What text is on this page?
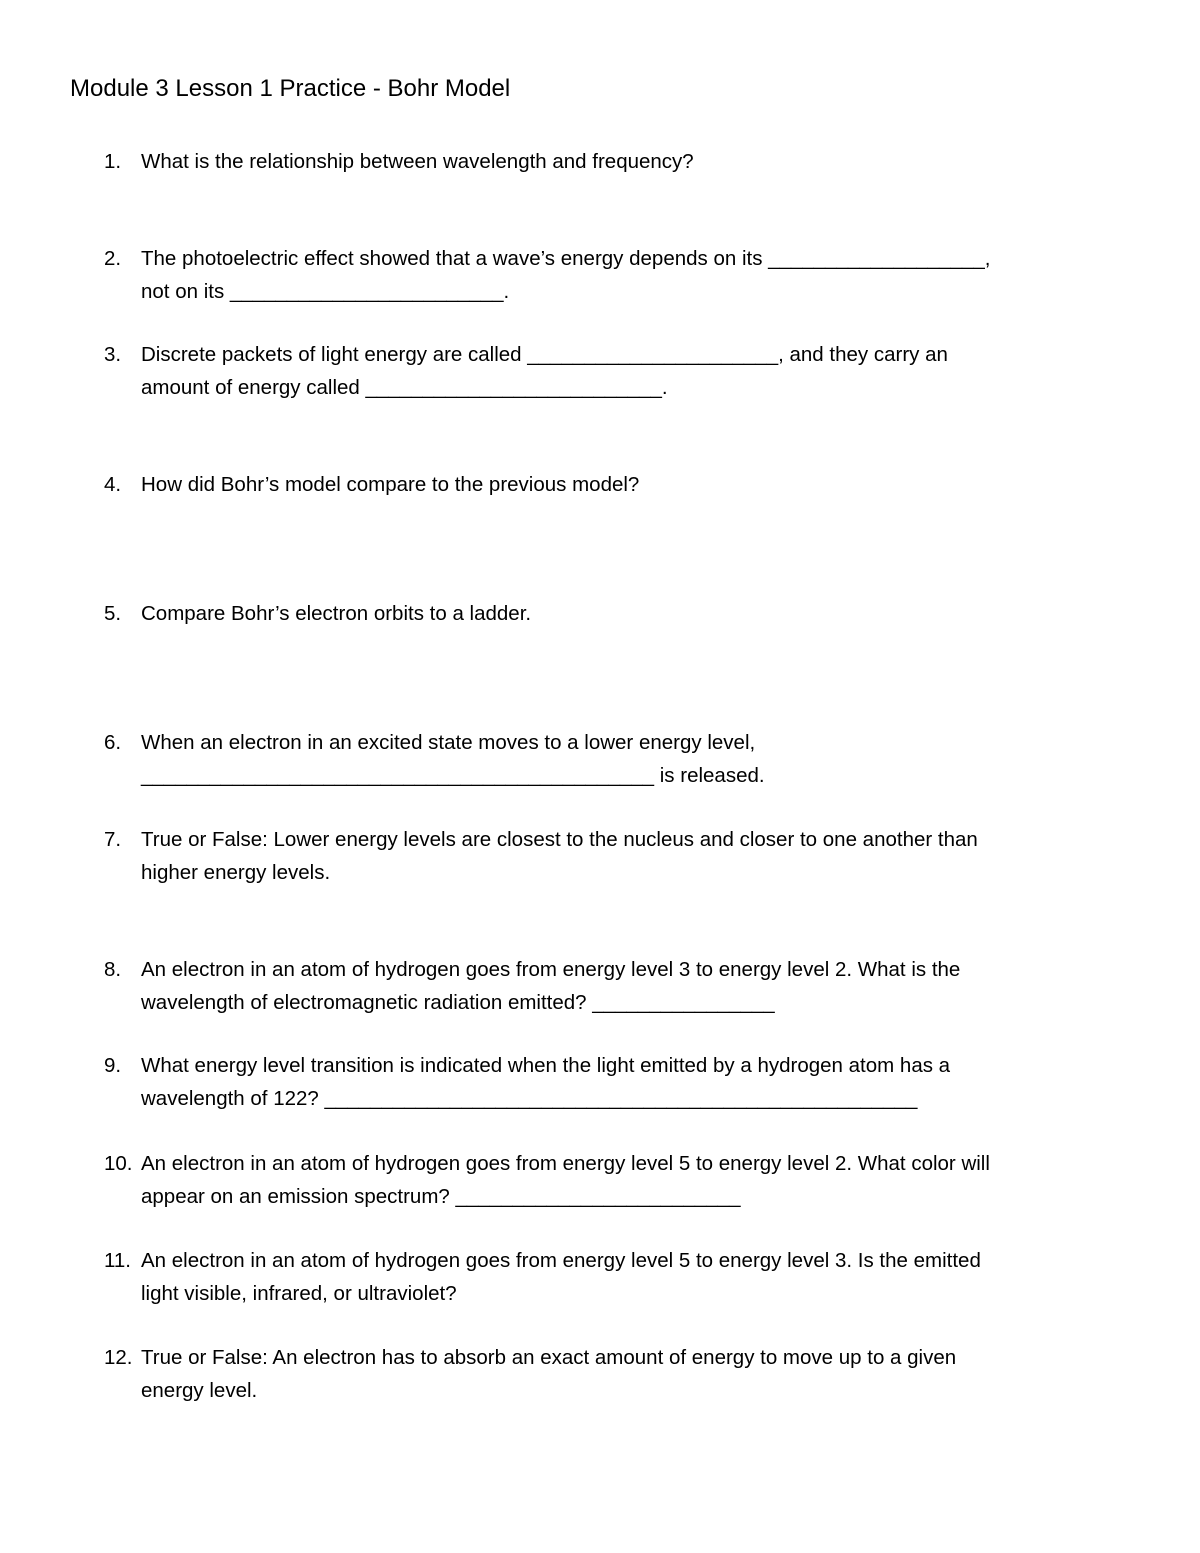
Module 3 Lesson 1 Practice - Bohr Model
1. What is the relationship between wavelength and frequency?
2. The photoelectric effect showed that a wave’s energy depends on its ___________________,
not on its ________________________.
3. Discrete packets of light energy are called ______________________, and they carry an
amount of energy called __________________________.
4. How did Bohr’s model compare to the previous model?
5. Compare Bohr’s electron orbits to a ladder.
6. When an electron in an excited state moves to a lower energy level,
_____________________________________________ is released.
7. True or False: Lower energy levels are closest to the nucleus and closer to one another than
higher energy levels.
8. An electron in an atom of hydrogen goes from energy level 3 to energy level 2. What is the
wavelength of electromagnetic radiation emitted? ________________
9. What energy level transition is indicated when the light emitted by a hydrogen atom has a
wavelength of 122? ____________________________________________________
10. An electron in an atom of hydrogen goes from energy level 5 to energy level 2. What color will
appear on an emission spectrum? _________________________
11. An electron in an atom of hydrogen goes from energy level 5 to energy level 3. Is the emitted
light visible, infrared, or ultraviolet?
12. True or False: An electron has to absorb an exact amount of energy to move up to a given
energy level.
